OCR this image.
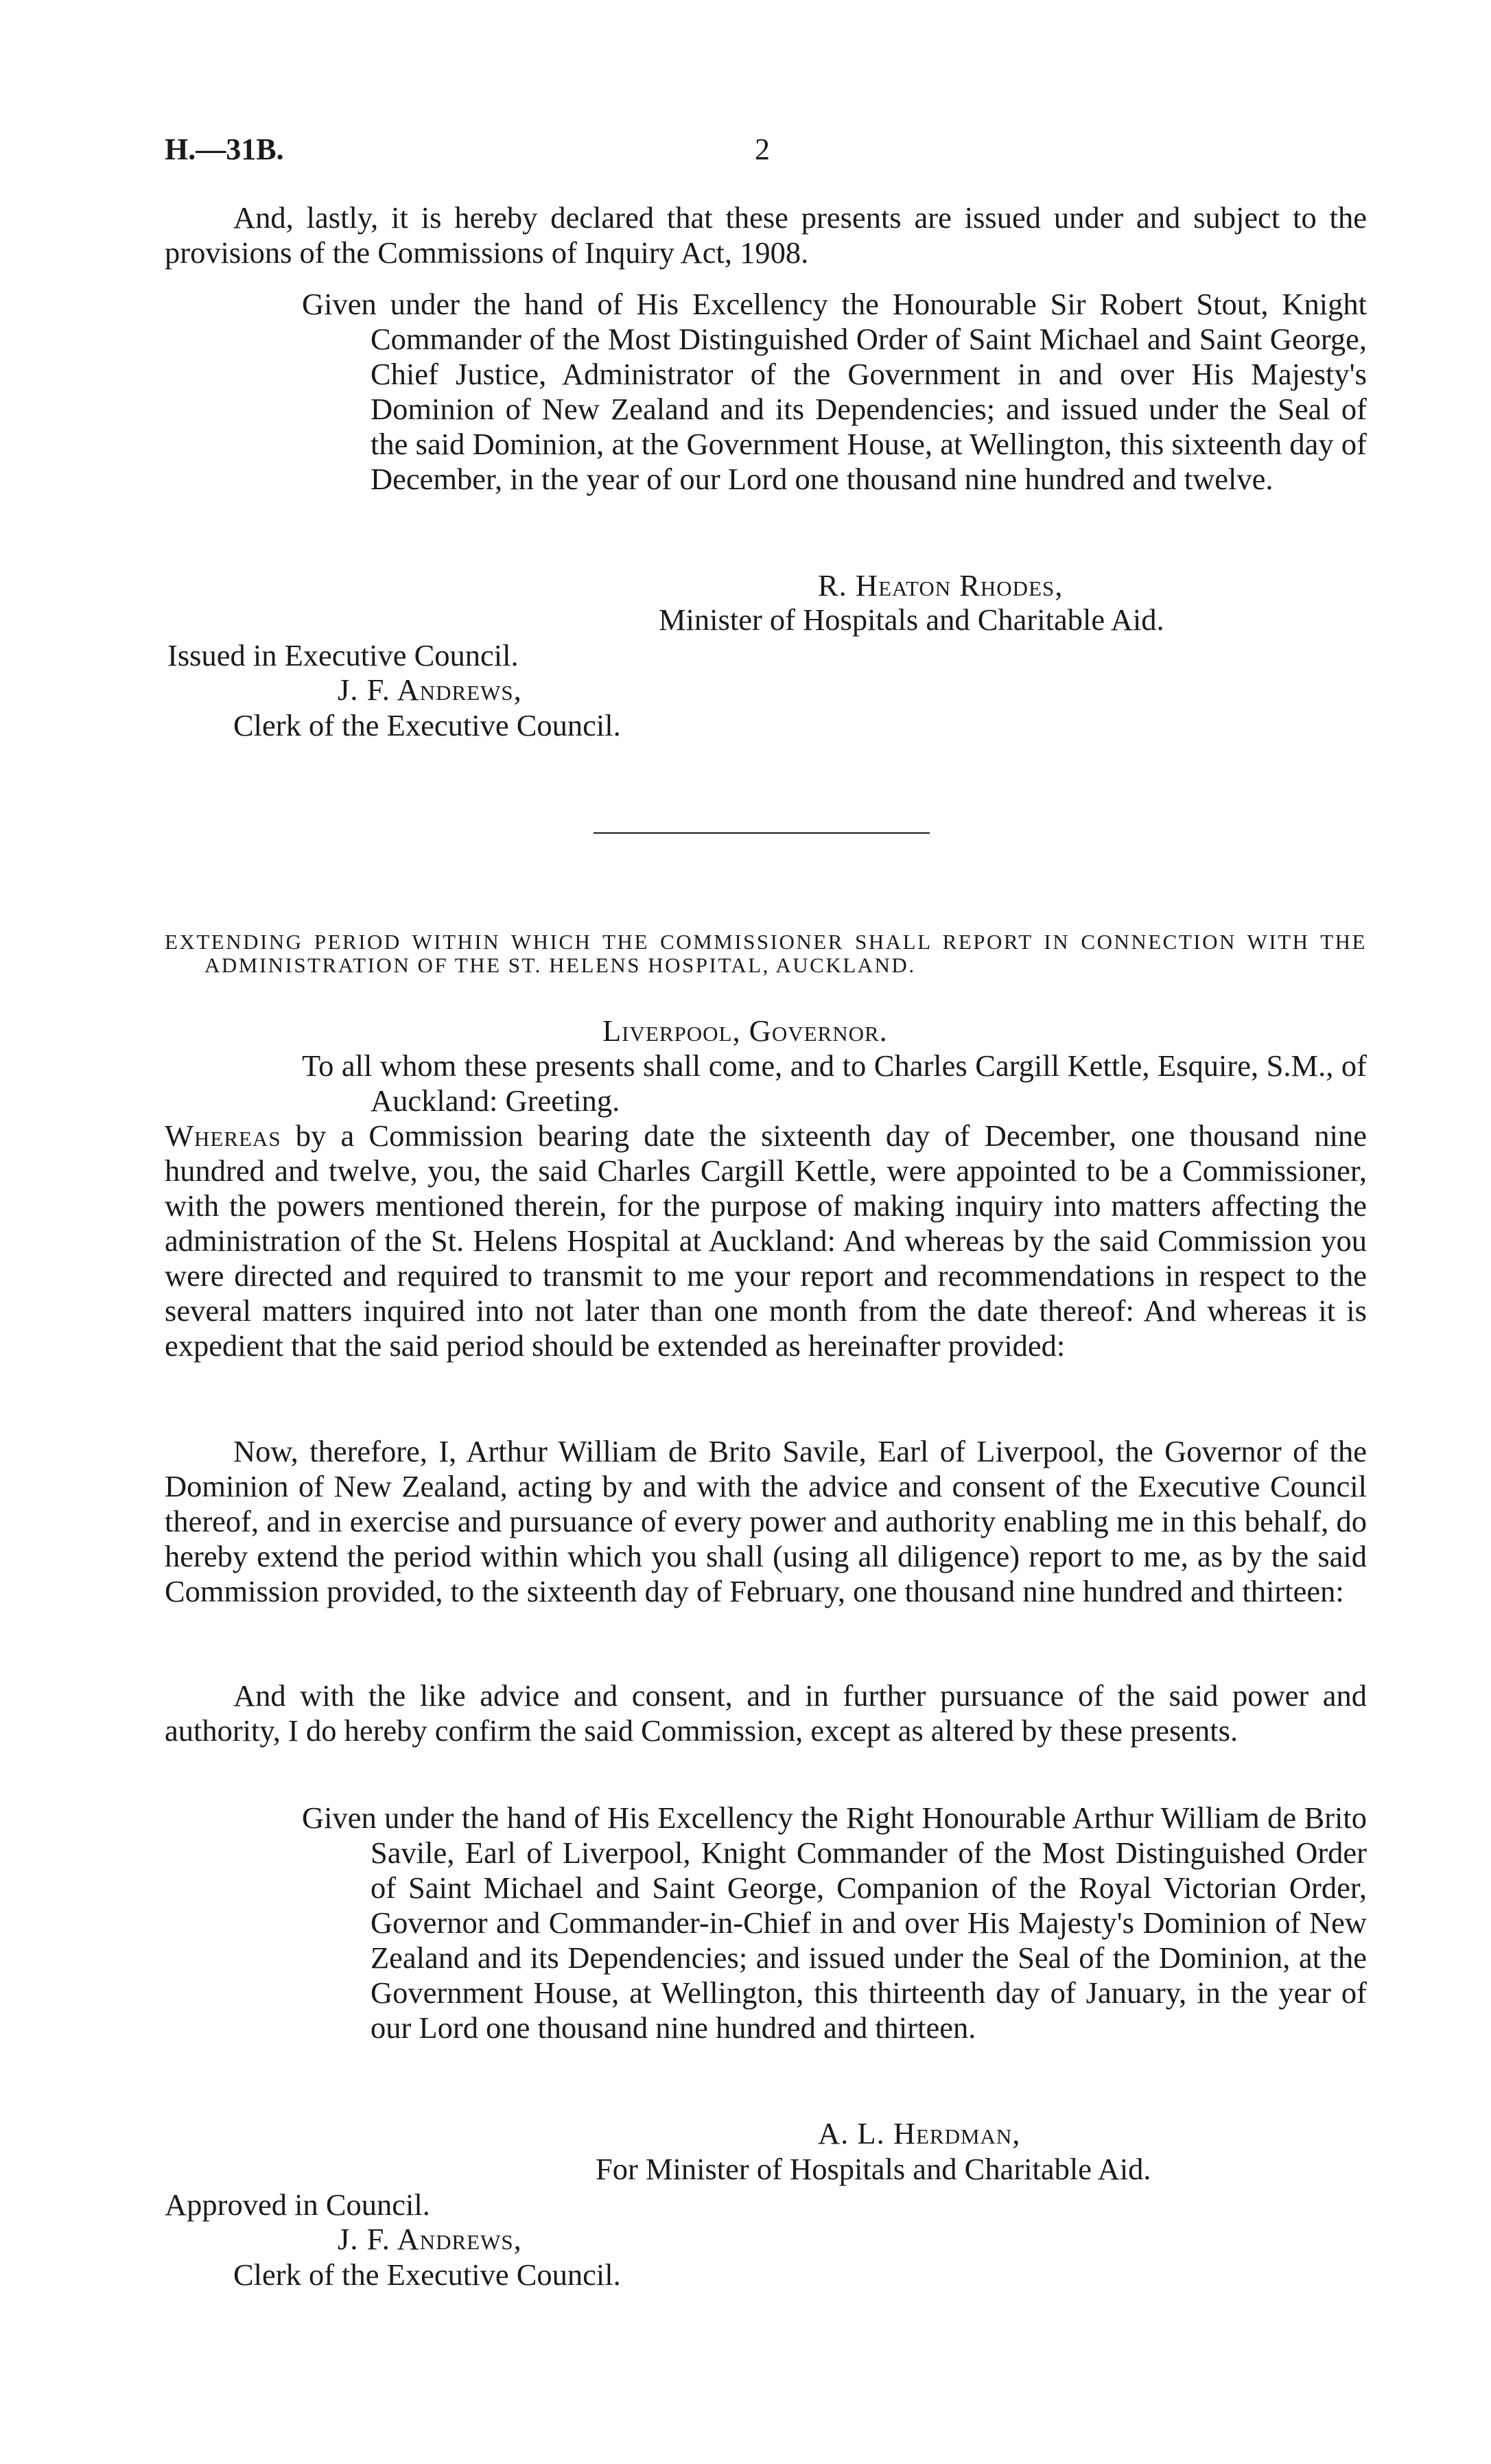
H.—31B.	2

And, lastly, it is hereby declared that these presents are issued under and subject to the provisions of the Commissions of Inquiry Act, 1908.

Given under the hand of His Excellency the Honourable Sir Robert Stout, Knight Commander of the Most Distinguished Order of Saint Michael and Saint George, Chief Justice, Administrator of the Government in and over His Majesty's Dominion of New Zealand and its Dependencies; and issued under the Seal of the said Dominion, at the Government House, at Wellington, this sixteenth day of December, in the year of our Lord one thousand nine hundred and twelve.

R. Heaton Rhodes,
Minister of Hospitals and Charitable Aid.
Issued in Executive Council.
J. F. Andrews,
Clerk of the Executive Council.

EXTENDING PERIOD WITHIN WHICH THE COMMISSIONER SHALL REPORT IN CONNECTION WITH THE ADMINISTRATION OF THE ST. HELENS HOSPITAL, AUCKLAND.

Liverpool, Governor.

To all whom these presents shall come, and to Charles Cargill Kettle, Esquire, S.M., of Auckland: Greeting.

Whereas by a Commission bearing date the sixteenth day of December, one thousand nine hundred and twelve, you, the said Charles Cargill Kettle, were appointed to be a Commissioner, with the powers mentioned therein, for the purpose of making inquiry into matters affecting the administration of the St. Helens Hospital at Auckland: And whereas by the said Commission you were directed and required to transmit to me your report and recommendations in respect to the several matters inquired into not later than one month from the date thereof: And whereas it is expedient that the said period should be extended as hereinafter provided:

Now, therefore, I, Arthur William de Brito Savile, Earl of Liverpool, the Governor of the Dominion of New Zealand, acting by and with the advice and consent of the Executive Council thereof, and in exercise and pursuance of every power and authority enabling me in this behalf, do hereby extend the period within which you shall (using all diligence) report to me, as by the said Commission provided, to the sixteenth day of February, one thousand nine hundred and thirteen:

And with the like advice and consent, and in further pursuance of the said power and authority, I do hereby confirm the said Commission, except as altered by these presents.

Given under the hand of His Excellency the Right Honourable Arthur William de Brito Savile, Earl of Liverpool, Knight Commander of the Most Distinguished Order of Saint Michael and Saint George, Companion of the Royal Victorian Order, Governor and Commander-in-Chief in and over His Majesty's Dominion of New Zealand and its Dependencies; and issued under the Seal of the Dominion, at the Government House, at Wellington, this thirteenth day of January, in the year of our Lord one thousand nine hundred and thirteen.

A. L. Herdman,
For Minister of Hospitals and Charitable Aid.
Approved in Council.
J. F. Andrews,
Clerk of the Executive Council.
